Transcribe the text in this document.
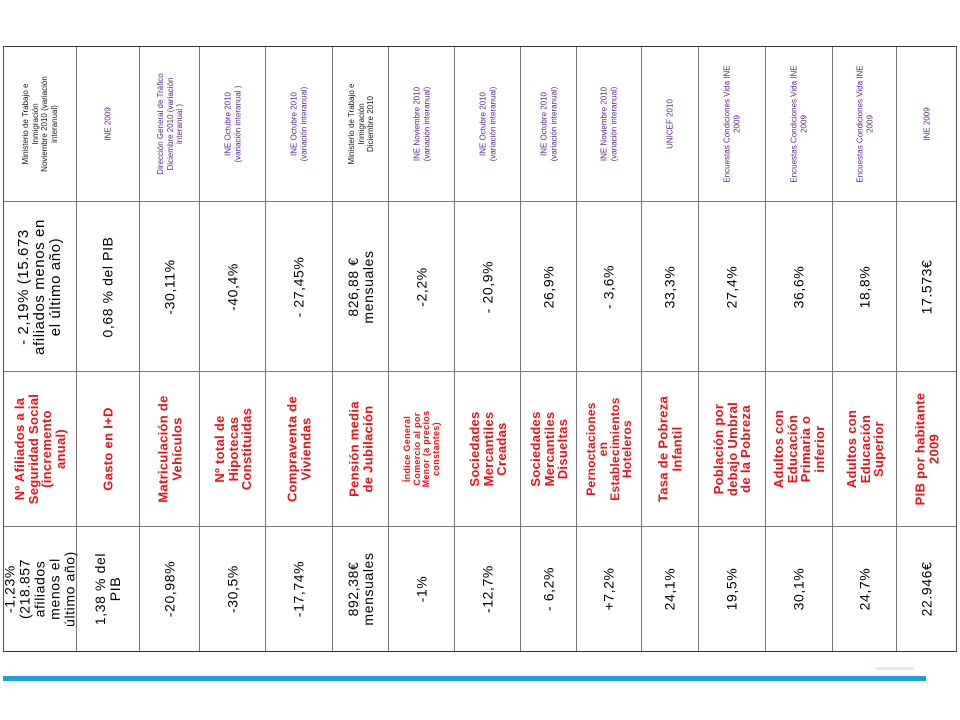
Ministerio de Trabajo e
Inmigración
Noviembre 2010 (variación
interanual)
- 2,19% (15.673
afiliados menos en
el último año)
Nº Afiliados a la
Seguridad Social
(incremento
anual)
-1,23%
(218.857
afiliados
menos el
último año)
INE 2009
0,68 % del PIB
Gasto en I+D
1,38 % del
PIB
Dirección General de Tráfico
Diciembre 2010 (variación
interanual )
-30,11%
Matriculación de
Vehículos
-20,98%
INE Octubre 2010
(variación interanual )
-40,4%
Nº total de
Hipotecas
Constituidas
-30,5%
INE Octubre 2010
(variación interanual)
- 27,45%
Compraventa de
Viviendas
-17,74%
Ministerio de Trabajo e
Inmigración
Diciembre 2010
826,88 €
mensuales
Pensión media
de Jubilación
892,38€
mensuales
INE Noviembre 2010
(variación interanual)
-2,2%
Índice General
Comercio al por
Menor (a precios
constantes)
-1%
INE Octubre 2010
(variación interanual)
- 20,9%
Sociedades
Mercantiles
Creadas
-12,7%
INE Octubre 2010
(variación interanual)
26,9%
Sociedades
Mercantiles
Disueltas
- 6,2%
INE Noviembre 2010
(variación interanual)
- 3,6%
Pernoctaciones
en
Establecimientos
Hoteleros
+7,2%
UNICEF 2010
33,3%
Tasa de Pobreza
Infantil
24,1%
Encuestas Condiciones Vida INE
2009
27,4%
Población por
debajo Umbral
de la Pobreza
19,5%
Encuestas Condiciones Vida INE
2009
36,6%
Adultos con
Educación
Primaria o
inferior
30,1%
Encuestas Condiciones Vida INE
2009
18,8%
Adultos con
Educación
Superior
24,7%
INE 2009
17.573€
PIB por habitante
2009
22.946€
